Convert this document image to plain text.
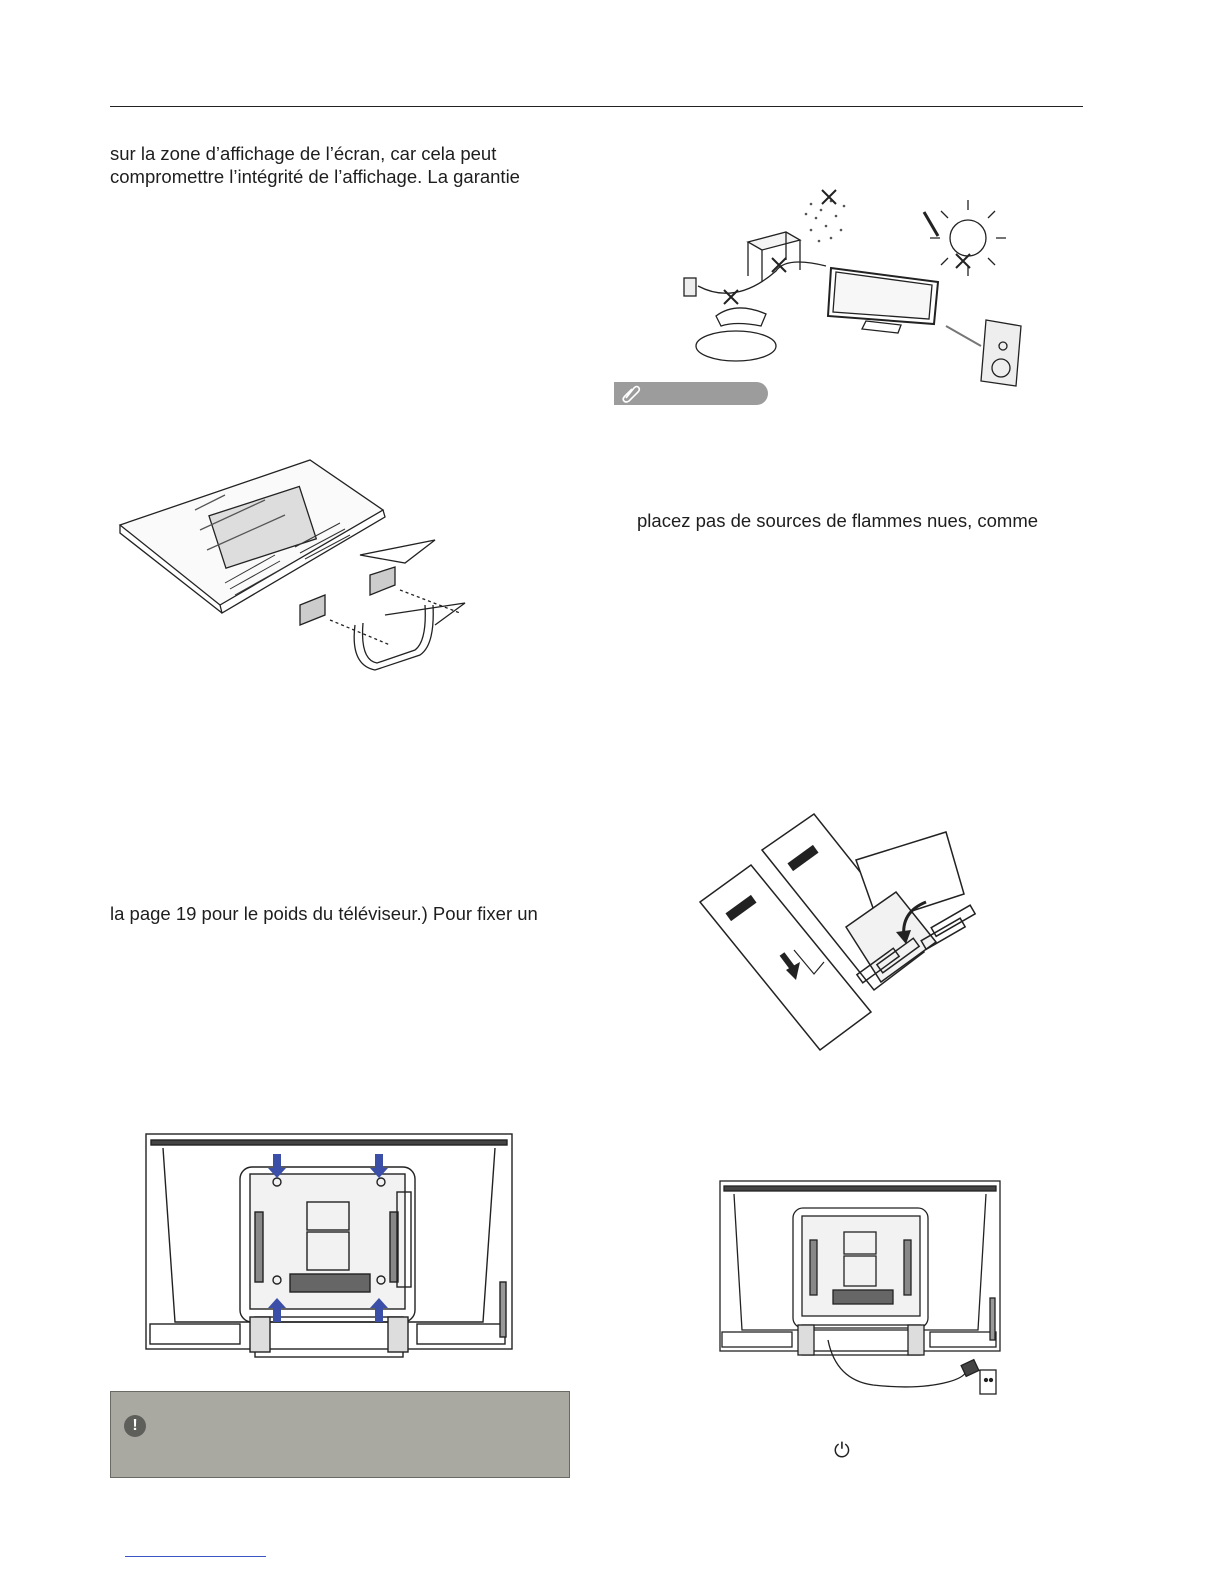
sur la zone d’affichage de l’écran, car cela peut
compromettre l’intégrité de l’affichage. La garantie
la page 19 pour le poids du téléviseur.) Pour fixer un
placez pas de sources de flammes nues, comme
!
⏻
